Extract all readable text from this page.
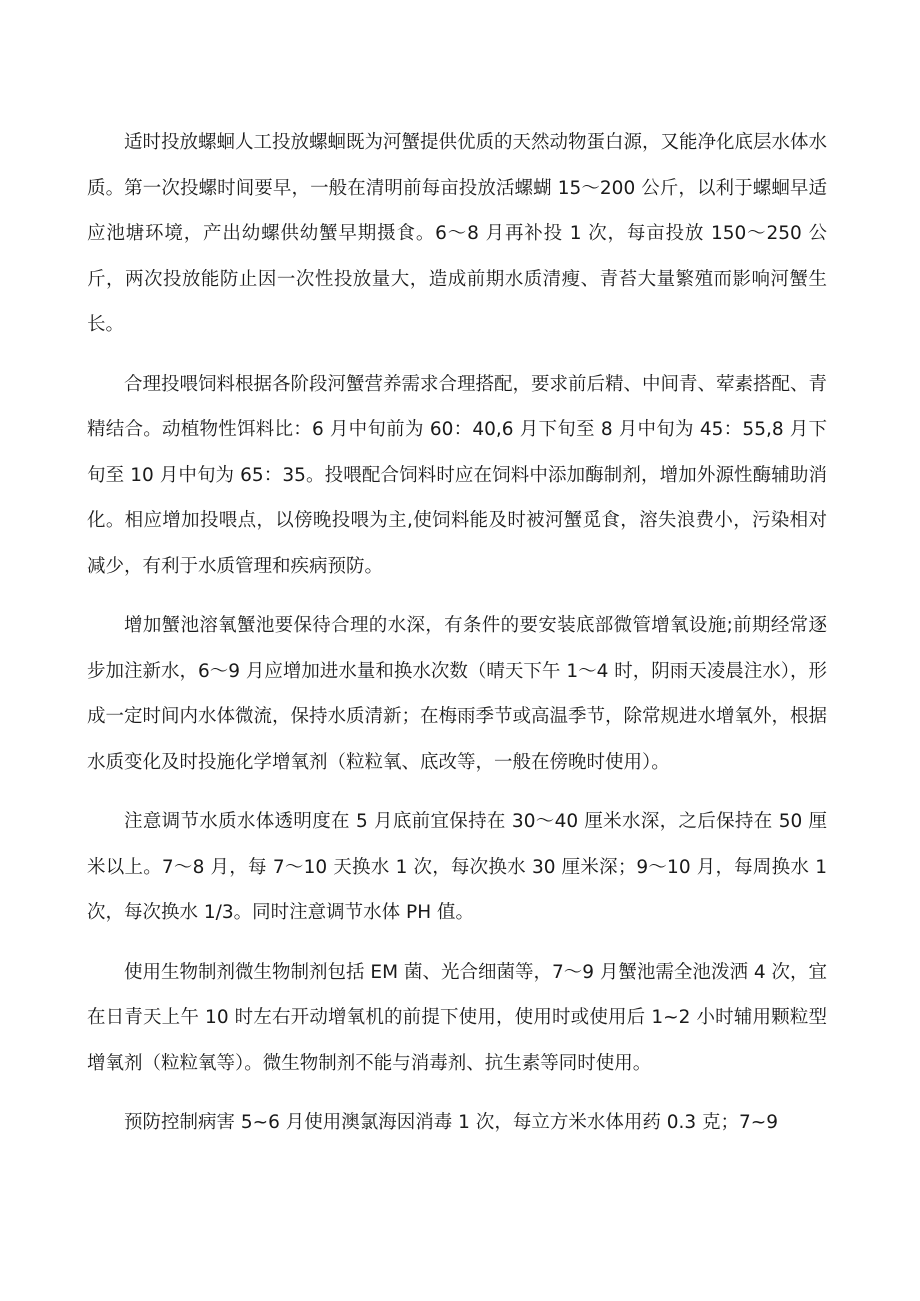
适时投放螺蛔人工投放螺蛔既为河蟹提供优质的天然动物蛋白源，又能净化底层水体水质。第一次投螺时间要早，一般在清明前每亩投放活螺蝴 15～200 公斤，以利于螺蛔早适应池塘环境，产出幼螺供幼蟹早期摄食。6～8 月再补投 1 次，每亩投放 150～250 公斤，两次投放能防止因一次性投放量大，造成前期水质清瘦、青苔大量繁殖而影响河蟹生长。

合理投喂饲料根据各阶段河蟹营养需求合理搭配，要求前后精、中间青、荤素搭配、青精结合。动植物性饵料比：6 月中旬前为 60：40,6 月下旬至 8 月中旬为 45：55,8 月下旬至 10 月中旬为 65：35。投喂配合饲料时应在饲料中添加酶制剂，增加外源性酶辅助消化。相应增加投喂点，以傍晚投喂为主,使饲料能及时被河蟹觅食，溶失浪费小，污染相对减少，有利于水质管理和疾病预防。

增加蟹池溶氧蟹池要保待合理的水深，有条件的要安装底部微管增氧设施;前期经常逐步加注新水，6～9 月应增加进水量和换水次数（晴天下午 1～4 时，阴雨天凌晨注水），形成一定时间内水体微流，保持水质清新；在梅雨季节或高温季节，除常规进水增氧外，根据水质变化及时投施化学增氧剂（粒粒氧、底改等，一般在傍晚时使用）。

注意调节水质水体透明度在 5 月底前宜保持在 30～40 厘米水深，之后保持在 50 厘米以上。7～8 月，每 7～10 天换水 1 次，每次换水 30 厘米深；9～10 月，每周换水 1 次，每次换水 1/3。同时注意调节水体 PH 值。

使用生物制剂微生物制剂包括 EM 菌、光合细菌等，7～9 月蟹池需全池泼洒 4 次，宜在日青天上午 10 时左右开动增氧机的前提下使用，使用时或使用后 1~2 小时辅用颗粒型增氧剂（粒粒氧等）。微生物制剂不能与消毒剂、抗生素等同时使用。

预防控制病害 5~6 月使用澳氯海因消毒 1 次，每立方米水体用药 0.3 克；7~9
